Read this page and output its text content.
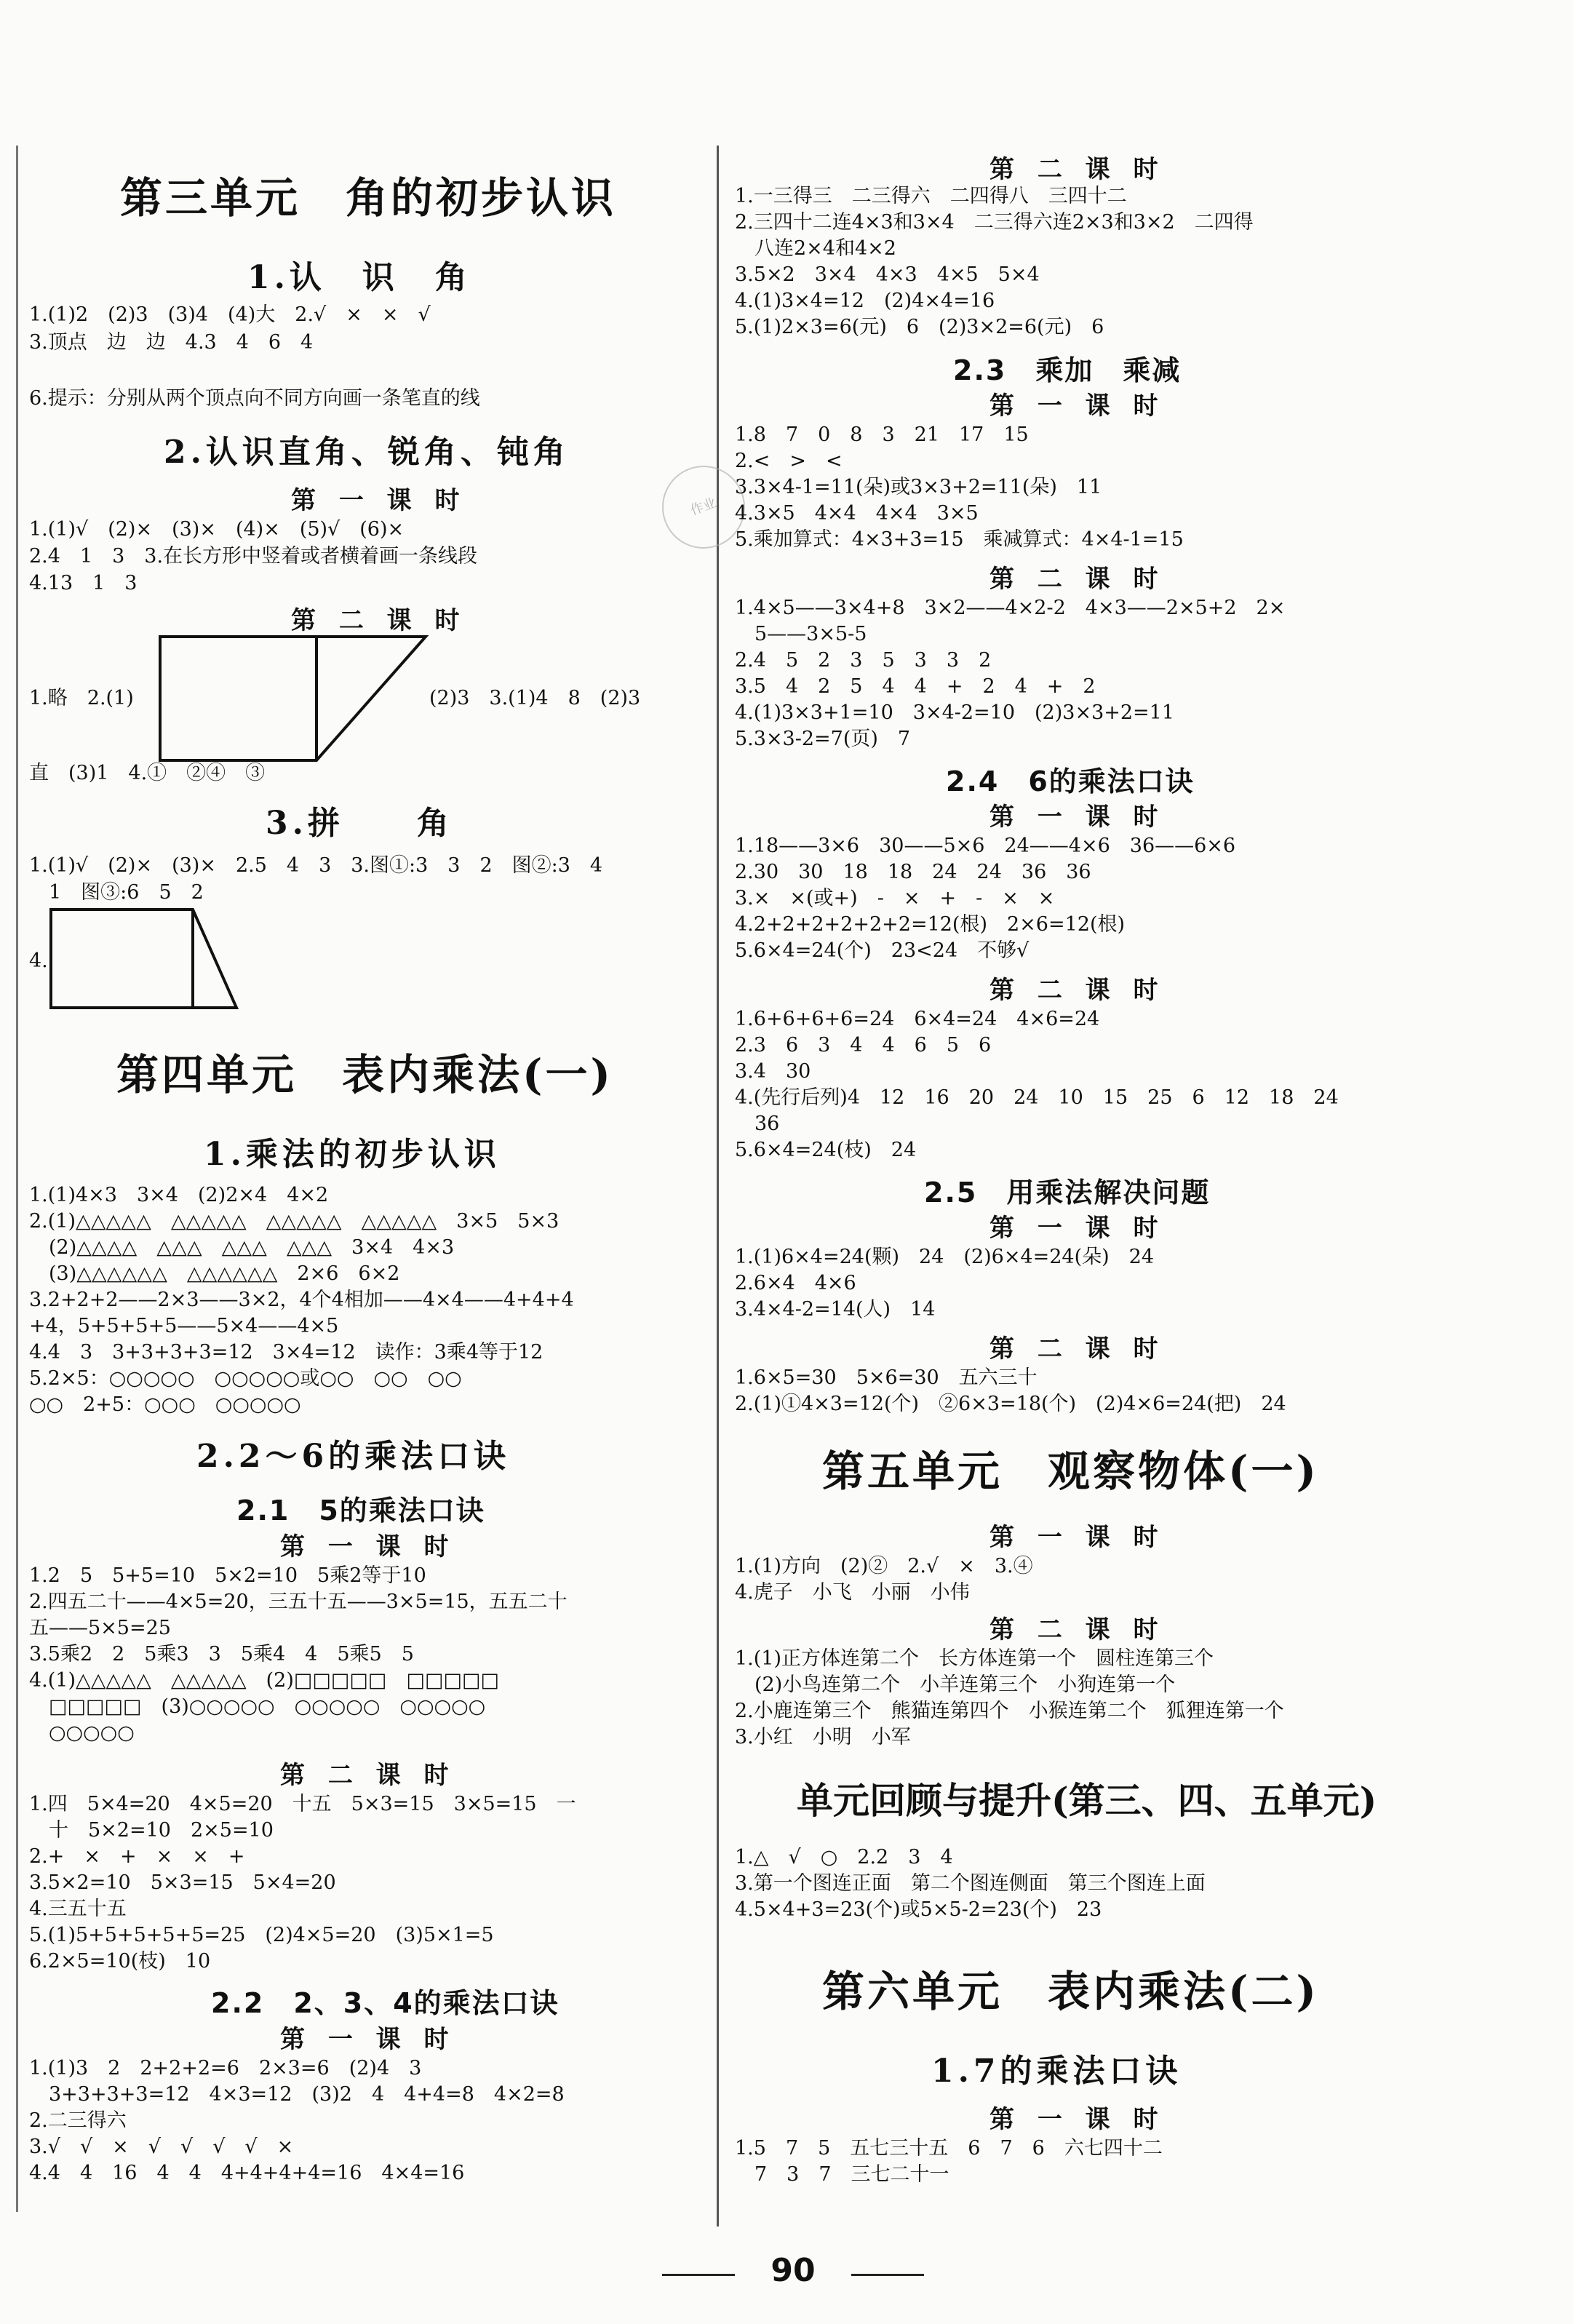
作业
第三单元　角的初步认识
1.认　识　角
1.(1)2　(2)3　(3)4　(4)大　2.√　×　×　√
3.顶点　边　边　4.3　4　6　4
6.提示：分别从两个顶点向不同方向画一条笔直的线
2.认识直角、锐角、钝角
第 一 课 时
1.(1)√　(2)×　(3)×　(4)×　(5)√　(6)×
2.4　1　3　3.在长方形中竖着或者横着画一条线段
4.13　1　3
第 二 课 时
1.略　2.(1)	(2)3　3.(1)4　8　(2)3
直　(3)1　4.①　②④　③
3.拼　　角
1.(1)√　(2)×　(3)×　2.5　4　3　3.图①:3　3　2　图②:3　4
　1　图③:6　5　2
4.
第四单元　表内乘法(一)
1.乘法的初步认识
1.(1)4×3　3×4　(2)2×4　4×2
2.(1)△△△△△　△△△△△　△△△△△　△△△△△　3×5　5×3
　(2)△△△△　△△△　△△△　△△△　3×4　4×3
　(3)△△△△△△　△△△△△△　2×6　6×2
3.2+2+2——2×3——3×2，4个4相加——4×4——4+4+4
+4，5+5+5+5——5×4——4×5
4.4　3　3+3+3+3=12　3×4=12　读作：3乘4等于12
5.2×5：○○○○○　○○○○○或○○　○○　○○
○○　2+5：○○○　○○○○○
2.2～6的乘法口诀
2.1　5的乘法口诀
第 一 课 时
1.2　5　5+5=10　5×2=10　5乘2等于10
2.四五二十——4×5=20，三五十五——3×5=15，五五二十
五——5×5=25
3.5乘2　2　5乘3　3　5乘4　4　5乘5　5
4.(1)△△△△△　△△△△△　(2)□□□□□　□□□□□
　□□□□□　(3)○○○○○　○○○○○　○○○○○
　○○○○○
第 二 课 时
1.四　5×4=20　4×5=20　十五　5×3=15　3×5=15　一
　十　5×2=10　2×5=10
2.+　×　+　×　×　+
3.5×2=10　5×3=15　5×4=20
4.三五十五
5.(1)5+5+5+5+5=25　(2)4×5=20　(3)5×1=5
6.2×5=10(枝)　10
2.2　2、3、4的乘法口诀
第 一 课 时
1.(1)3　2　2+2+2=6　2×3=6　(2)4　3
　3+3+3+3=12　4×3=12　(3)2　4　4+4=8　4×2=8
2.二三得六
3.√　√　×　√　√　√　√　×
4.4　4　16　4　4　4+4+4+4=16　4×4=16
第 二 课 时
1.一三得三　二三得六　二四得八　三四十二
2.三四十二连4×3和3×4　二三得六连2×3和3×2　二四得
　八连2×4和4×2
3.5×2　3×4　4×3　4×5　5×4
4.(1)3×4=12　(2)4×4=16
5.(1)2×3=6(元)　6　(2)3×2=6(元)　6
2.3　乘加　乘减
第 一 课 时
1.8　7　0　8　3　21　17　15
2.<　>　<
3.3×4-1=11(朵)或3×3+2=11(朵)　11
4.3×5　4×4　4×4　3×5
5.乘加算式：4×3+3=15　乘减算式：4×4-1=15
第 二 课 时
1.4×5——3×4+8　3×2——4×2-2　4×3——2×5+2　2×
　5——3×5-5
2.4　5　2　3　5　3　3　2
3.5　4　2　5　4　4　+　2　4　+　2
4.(1)3×3+1=10　3×4-2=10　(2)3×3+2=11
5.3×3-2=7(页)　7
2.4　6的乘法口诀
第 一 课 时
1.18——3×6　30——5×6　24——4×6　36——6×6
2.30　30　18　18　24　24　36　36
3.×　×(或+)　-　×　+　-　×　×
4.2+2+2+2+2+2=12(根)　2×6=12(根)
5.6×4=24(个)　23<24　不够√
第 二 课 时
1.6+6+6+6=24　6×4=24　4×6=24
2.3　6　3　4　4　6　5　6
3.4　30
4.(先行后列)4　12　16　20　24　10　15　25　6　12　18　24
　36
5.6×4=24(枝)　24
2.5　用乘法解决问题
第 一 课 时
1.(1)6×4=24(颗)　24　(2)6×4=24(朵)　24
2.6×4　4×6
3.4×4-2=14(人)　14
第 二 课 时
1.6×5=30　5×6=30　五六三十
2.(1)①4×3=12(个)　②6×3=18(个)　(2)4×6=24(把)　24
第五单元　观察物体(一)
第 一 课 时
1.(1)方向　(2)②　2.√　×　3.④
4.虎子　小飞　小丽　小伟
第 二 课 时
1.(1)正方体连第二个　长方体连第一个　圆柱连第三个
　(2)小鸟连第二个　小羊连第三个　小狗连第一个
2.小鹿连第三个　熊猫连第四个　小猴连第二个　狐狸连第一个
3.小红　小明　小军
单元回顾与提升(第三、四、五单元)
1.△　√　○　2.2　3　4
3.第一个图连正面　第二个图连侧面　第三个图连上面
4.5×4+3=23(个)或5×5-2=23(个)　23
第六单元　表内乘法(二)
1.7的乘法口诀
第 一 课 时
1.5　7　5　五七三十五　6　7　6　六七四十二
　7　3　7　三七二十一
90
